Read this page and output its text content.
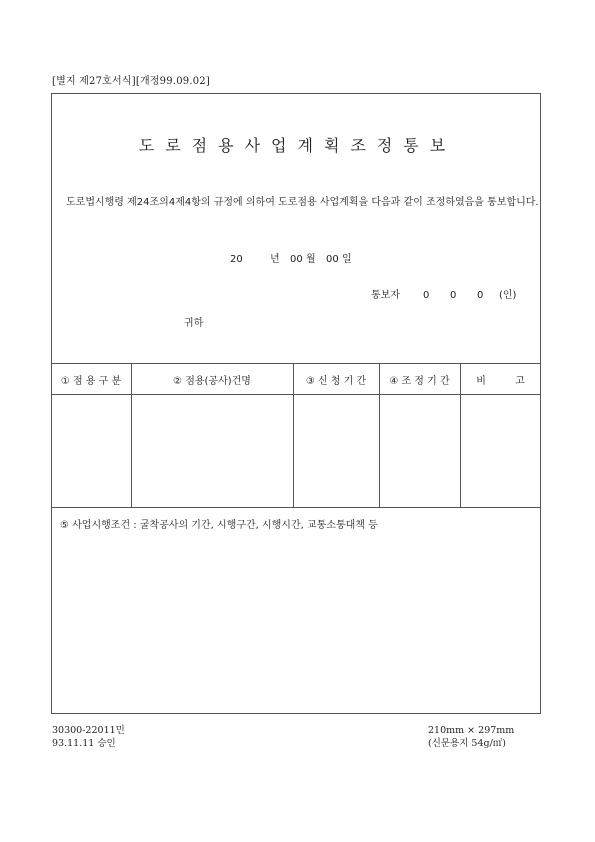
[별지 제27호서식][개정99.09.02]
도로점용사업계획조정통보
도로법시행령 제24조의4제4항의 규정에 의하여 도로점용 사업계획을 다음과 같이 조정하였음을 통보합니다.
20	년 00 월 00 일
통보자 0 0 0 (인)
귀하
① 점 용 구 분	② 점용(공사)건명	③ 신 청 기 간	④ 조 정 기 간	비 고
⑤ 사업시행조건 : 굴착공사의 기간, 시행구간, 시행시간, 교통소통대책 등
30300-22011민
93.11.11 승인
210mm × 297mm
(신문용지 54g/㎡)
